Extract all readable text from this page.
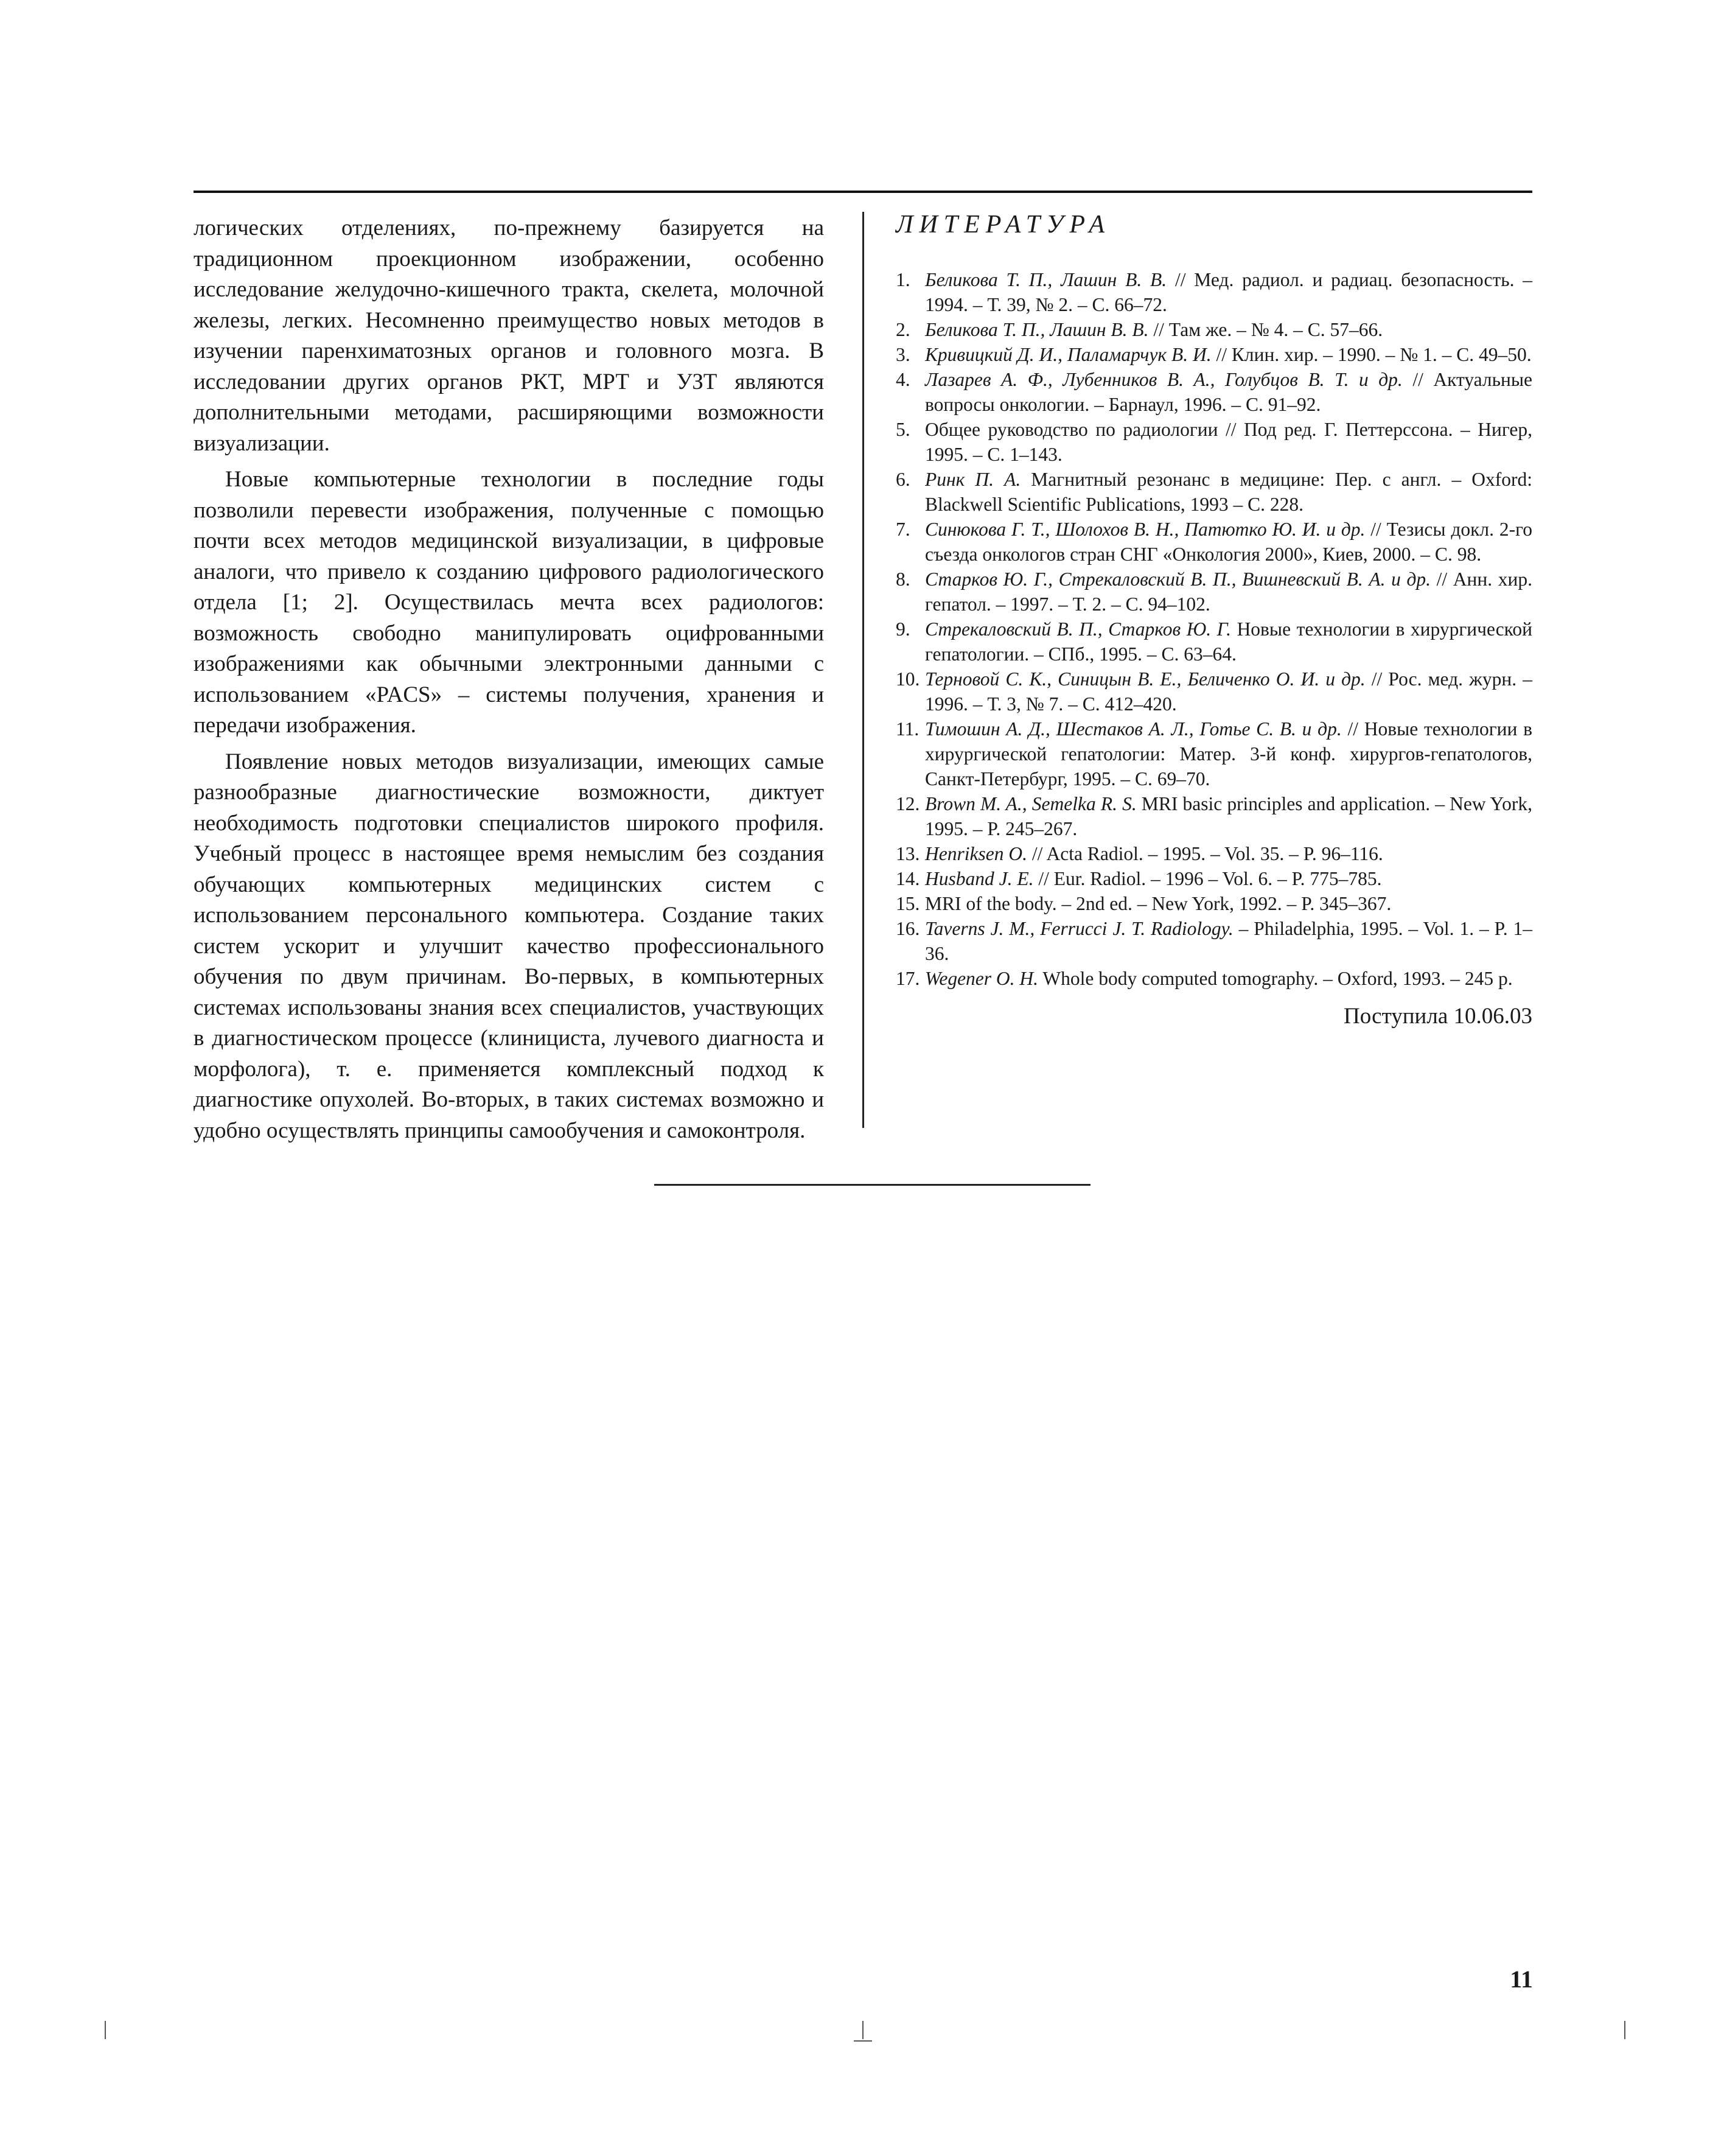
логических отделениях, по-прежнему базируется на традиционном проекционном изображении, особенно исследование желудочно-кишечного тракта, скелета, молочной железы, легких. Несомненно преимущество новых методов в изучении паренхиматозных органов и головного мозга. В исследовании других органов РКТ, МРТ и УЗТ являются дополнительными методами, расширяющими возможности визуализации.

Новые компьютерные технологии в последние годы позволили перевести изображения, полученные с помощью почти всех методов медицинской визуализации, в цифровые аналоги, что привело к созданию цифрового радиологического отдела [1; 2]. Осуществилась мечта всех радиологов: возможность свободно манипулировать оцифрованными изображениями как обычными электронными данными с использованием «PACS» – системы получения, хранения и передачи изображения.

Появление новых методов визуализации, имеющих самые разнообразные диагностические возможности, диктует необходимость подготовки специалистов широкого профиля. Учебный процесс в настоящее время немыслим без создания обучающих компьютерных медицинских систем с использованием персонального компьютера. Создание таких систем ускорит и улучшит качество профессионального обучения по двум причинам. Во-первых, в компьютерных системах использованы знания всех специалистов, участвующих в диагностическом процессе (клинициста, лучевого диагноста и морфолога), т. е. применяется комплексный подход к диагностике опухолей. Во-вторых, в таких системах возможно и удобно осуществлять принципы самообучения и самоконтроля.

ЛИТЕРАТУРА
1. Беликова Т. П., Лашин В. В. // Мед. радиол. и радиац. безопасность. – 1994. – Т. 39, № 2. – С. 66–72.
2. Беликова Т. П., Лашин В. В. // Там же. – № 4. – С. 57–66.
3. Кривицкий Д. И., Паламарчук В. И. // Клин. хир. – 1990. – № 1. – С. 49–50.
4. Лазарев А. Ф., Лубенников В. А., Голубцов В. Т. и др. // Актуальные вопросы онкологии. – Барнаул, 1996. – С. 91–92.
5. Общее руководство по радиологии // Под ред. Г. Петтерссона. – Нигер, 1995. – С. 1–143.
6. Ринк П. А. Магнитный резонанс в медицине: Пер. с англ. – Oxford: Blackwell Scientific Publications, 1993 – С. 228.
7. Синюкова Г. Т., Шолохов В. Н., Патютко Ю. И. и др. // Тезисы докл. 2-го съезда онкологов стран СНГ «Онкология 2000», Киев, 2000. – С. 98.
8. Старков Ю. Г., Стрекаловский В. П., Вишневский В. А. и др. // Анн. хир. гепатол. – 1997. – Т. 2. – С. 94–102.
9. Стрекаловский В. П., Старков Ю. Г. Новые технологии в хирургической гепатологии. – СПб., 1995. – С. 63–64.
10. Терновой С. К., Синицын В. Е., Беличенко О. И. и др. // Рос. мед. журн. – 1996. – Т. 3, № 7. – С. 412–420.
11. Тимошин А. Д., Шестаков А. Л., Готье С. В. и др. // Новые технологии в хирургической гепатологии: Матер. 3-й конф. хирургов-гепатологов, Санкт-Петербург, 1995. – С. 69–70.
12. Brown M. A., Semelka R. S. MRI basic principles and application. – New York, 1995. – P. 245–267.
13. Henriksen O. // Acta Radiol. – 1995. – Vol. 35. – P. 96–116.
14. Husband J. E. // Eur. Radiol. – 1996 – Vol. 6. – P. 775–785.
15. MRI of the body. – 2nd ed. – New York, 1992. – P. 345–367.
16. Taverns J. M., Ferrucci J. T. Radiology. – Philadelphia, 1995. – Vol. 1. – P. 1–36.
17. Wegener O. H. Whole body computed tomography. – Oxford, 1993. – 245 p.
Поступила 10.06.03
11
